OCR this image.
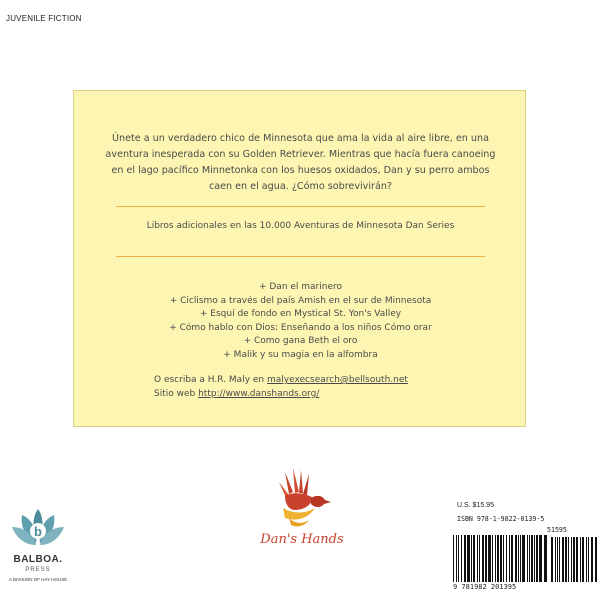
JUVENILE FICTION
Únete a un verdadero chico de Minnesota que ama la vida al aire libre, en una aventura inesperada con su Golden Retriever. Mientras que hacía fuera canoeing en el lago pacífico Minnetonka con los huesos oxidados, Dan y su perro ambos caen en el agua. ¿Cómo sobrevivirán?
Libros adicionales en las 10.000 Aventuras de Minnesota Dan Series
+ Dan el marinero
+ Ciclismo a través del país Amish en el sur de Minnesota
+ Esquí de fondo en Mystical St. Yon's Valley
+ Cómo hablo con Dios: Enseñando a los niños Cómo orar
+ Como gana Beth el oro
+ Malik y su magia en la alfombra
O escriba a H.R. Maly en malyexecsearch@bellsouth.net
Sitio web http://www.danshands.org/
Dan's Hands
b
BALBOA.
PRESS
A DIVISION OF HAY HOUSE
U.S. $15.95
ISBN 978-1-9822-0139-5
51595
9 781982 201395
